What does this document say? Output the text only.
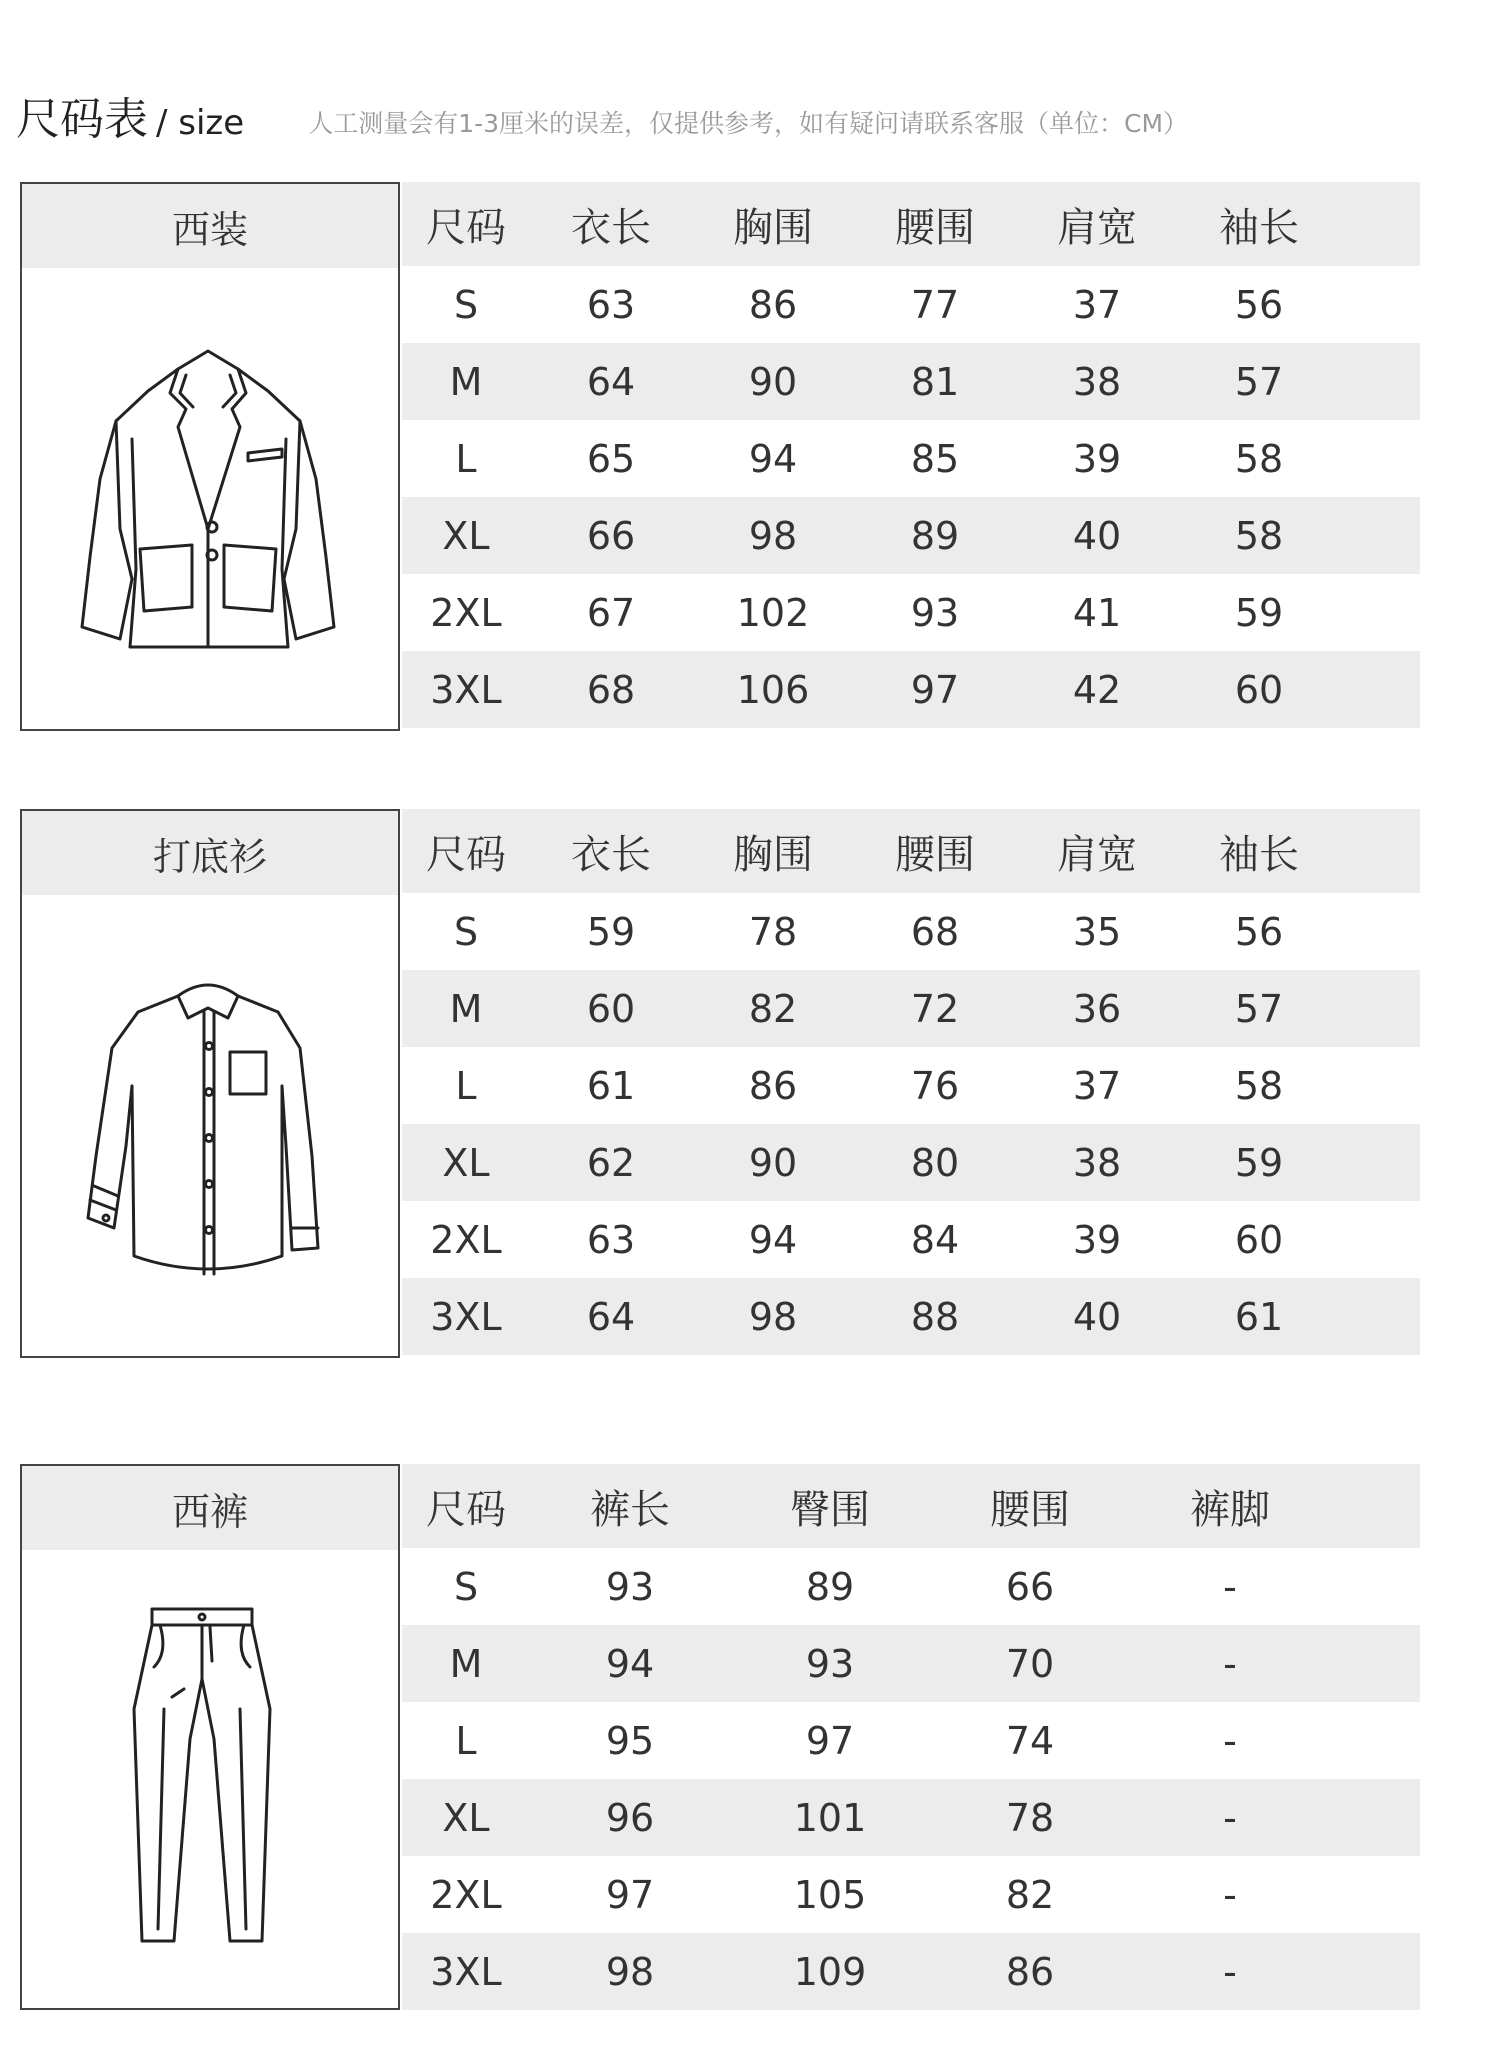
尺码表 / size	人工测量会有1-3厘米的误差，仅提供参考，如有疑问请联系客服（单位：CM）
西装	尺码	衣长	胸围	腰围	肩宽	袖长
S	63	86	77	37	56
M	64	90	81	38	57
L	65	94	85	39	58
XL	66	98	89	40	58
2XL	67	102	93	41	59
3XL	68	106	97	42	60
打底衫	尺码	衣长	胸围	腰围	肩宽	袖长
S	59	78	68	35	56
M	60	82	72	36	57
L	61	86	76	37	58
XL	62	90	80	38	59
2XL	63	94	84	39	60
3XL	64	98	88	40	61
西裤	尺码	裤长	臀围	腰围	裤脚
S	93	89	66	-
M	94	93	70	-
L	95	97	74	-
XL	96	101	78	-
2XL	97	105	82	-
3XL	98	109	86	-
